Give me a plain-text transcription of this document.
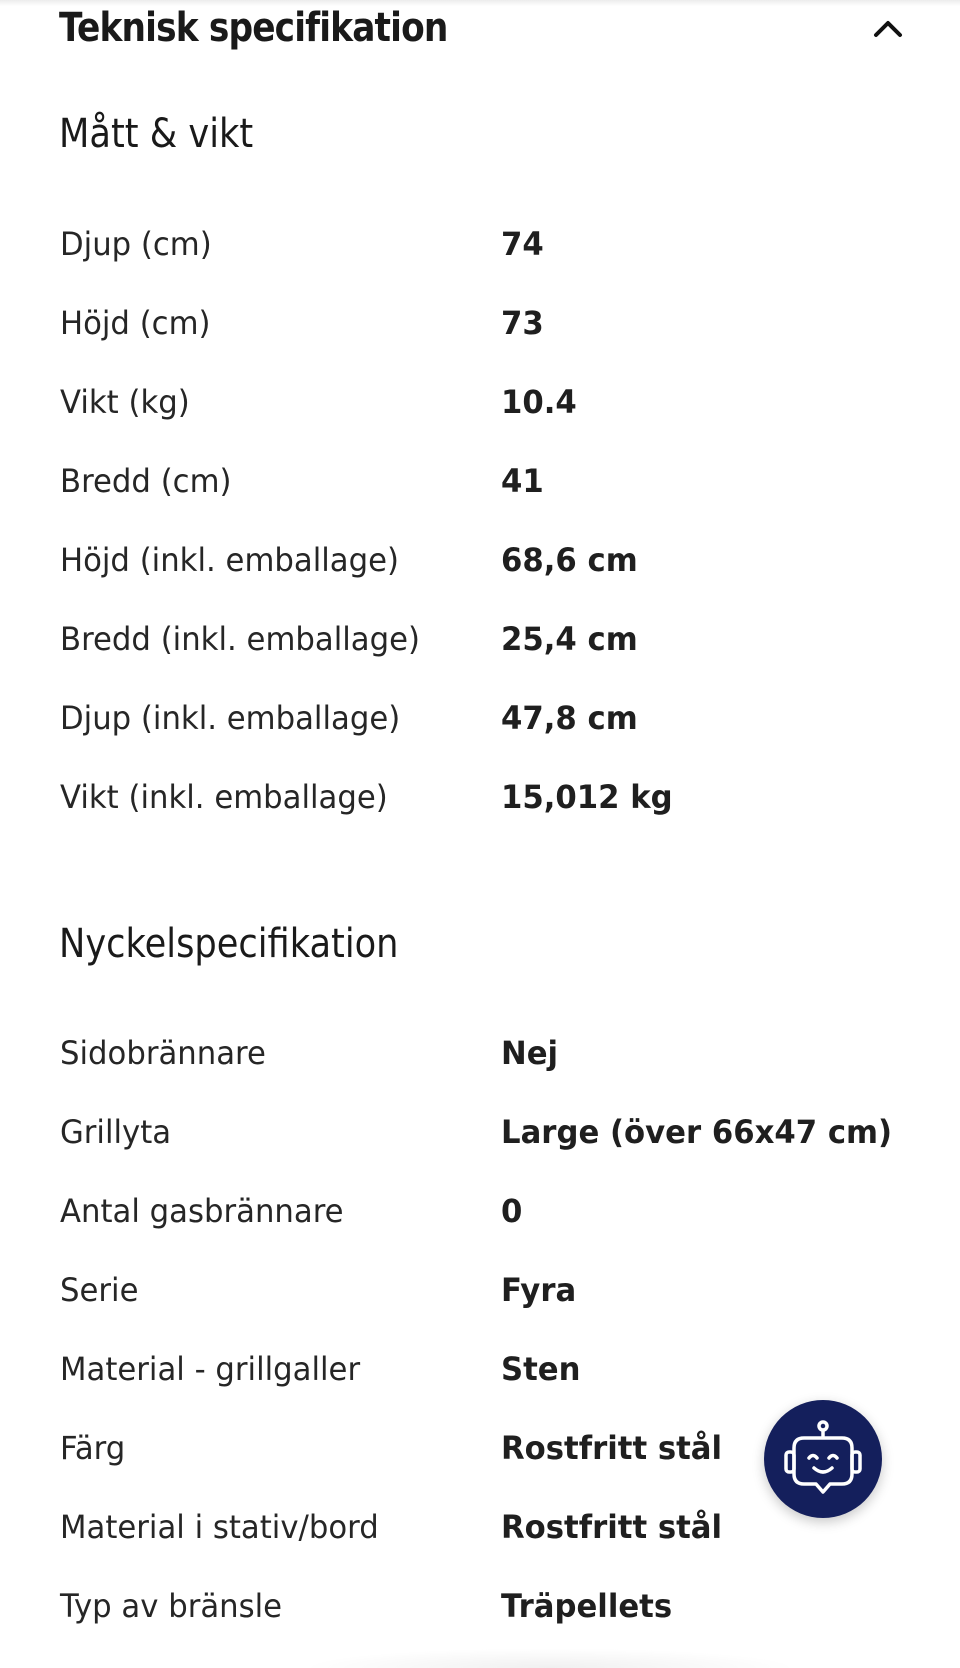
Teknisk specifikation
Mått & vikt
Djup (cm)	74
Höjd (cm)	73
Vikt (kg)	10.4
Bredd (cm)	41
Höjd (inkl. emballage)	68,6 cm
Bredd (inkl. emballage)	25,4 cm
Djup (inkl. emballage)	47,8 cm
Vikt (inkl. emballage)	15,012 kg
Nyckelspecifikation
Sidobrännare	Nej
Grillyta	Large (över 66x47 cm)
Antal gasbrännare	0
Serie	Fyra
Material - grillgaller	Sten
Färg	Rostfritt stål
Material i stativ/bord	Rostfritt stål
Typ av bränsle	Träpellets
